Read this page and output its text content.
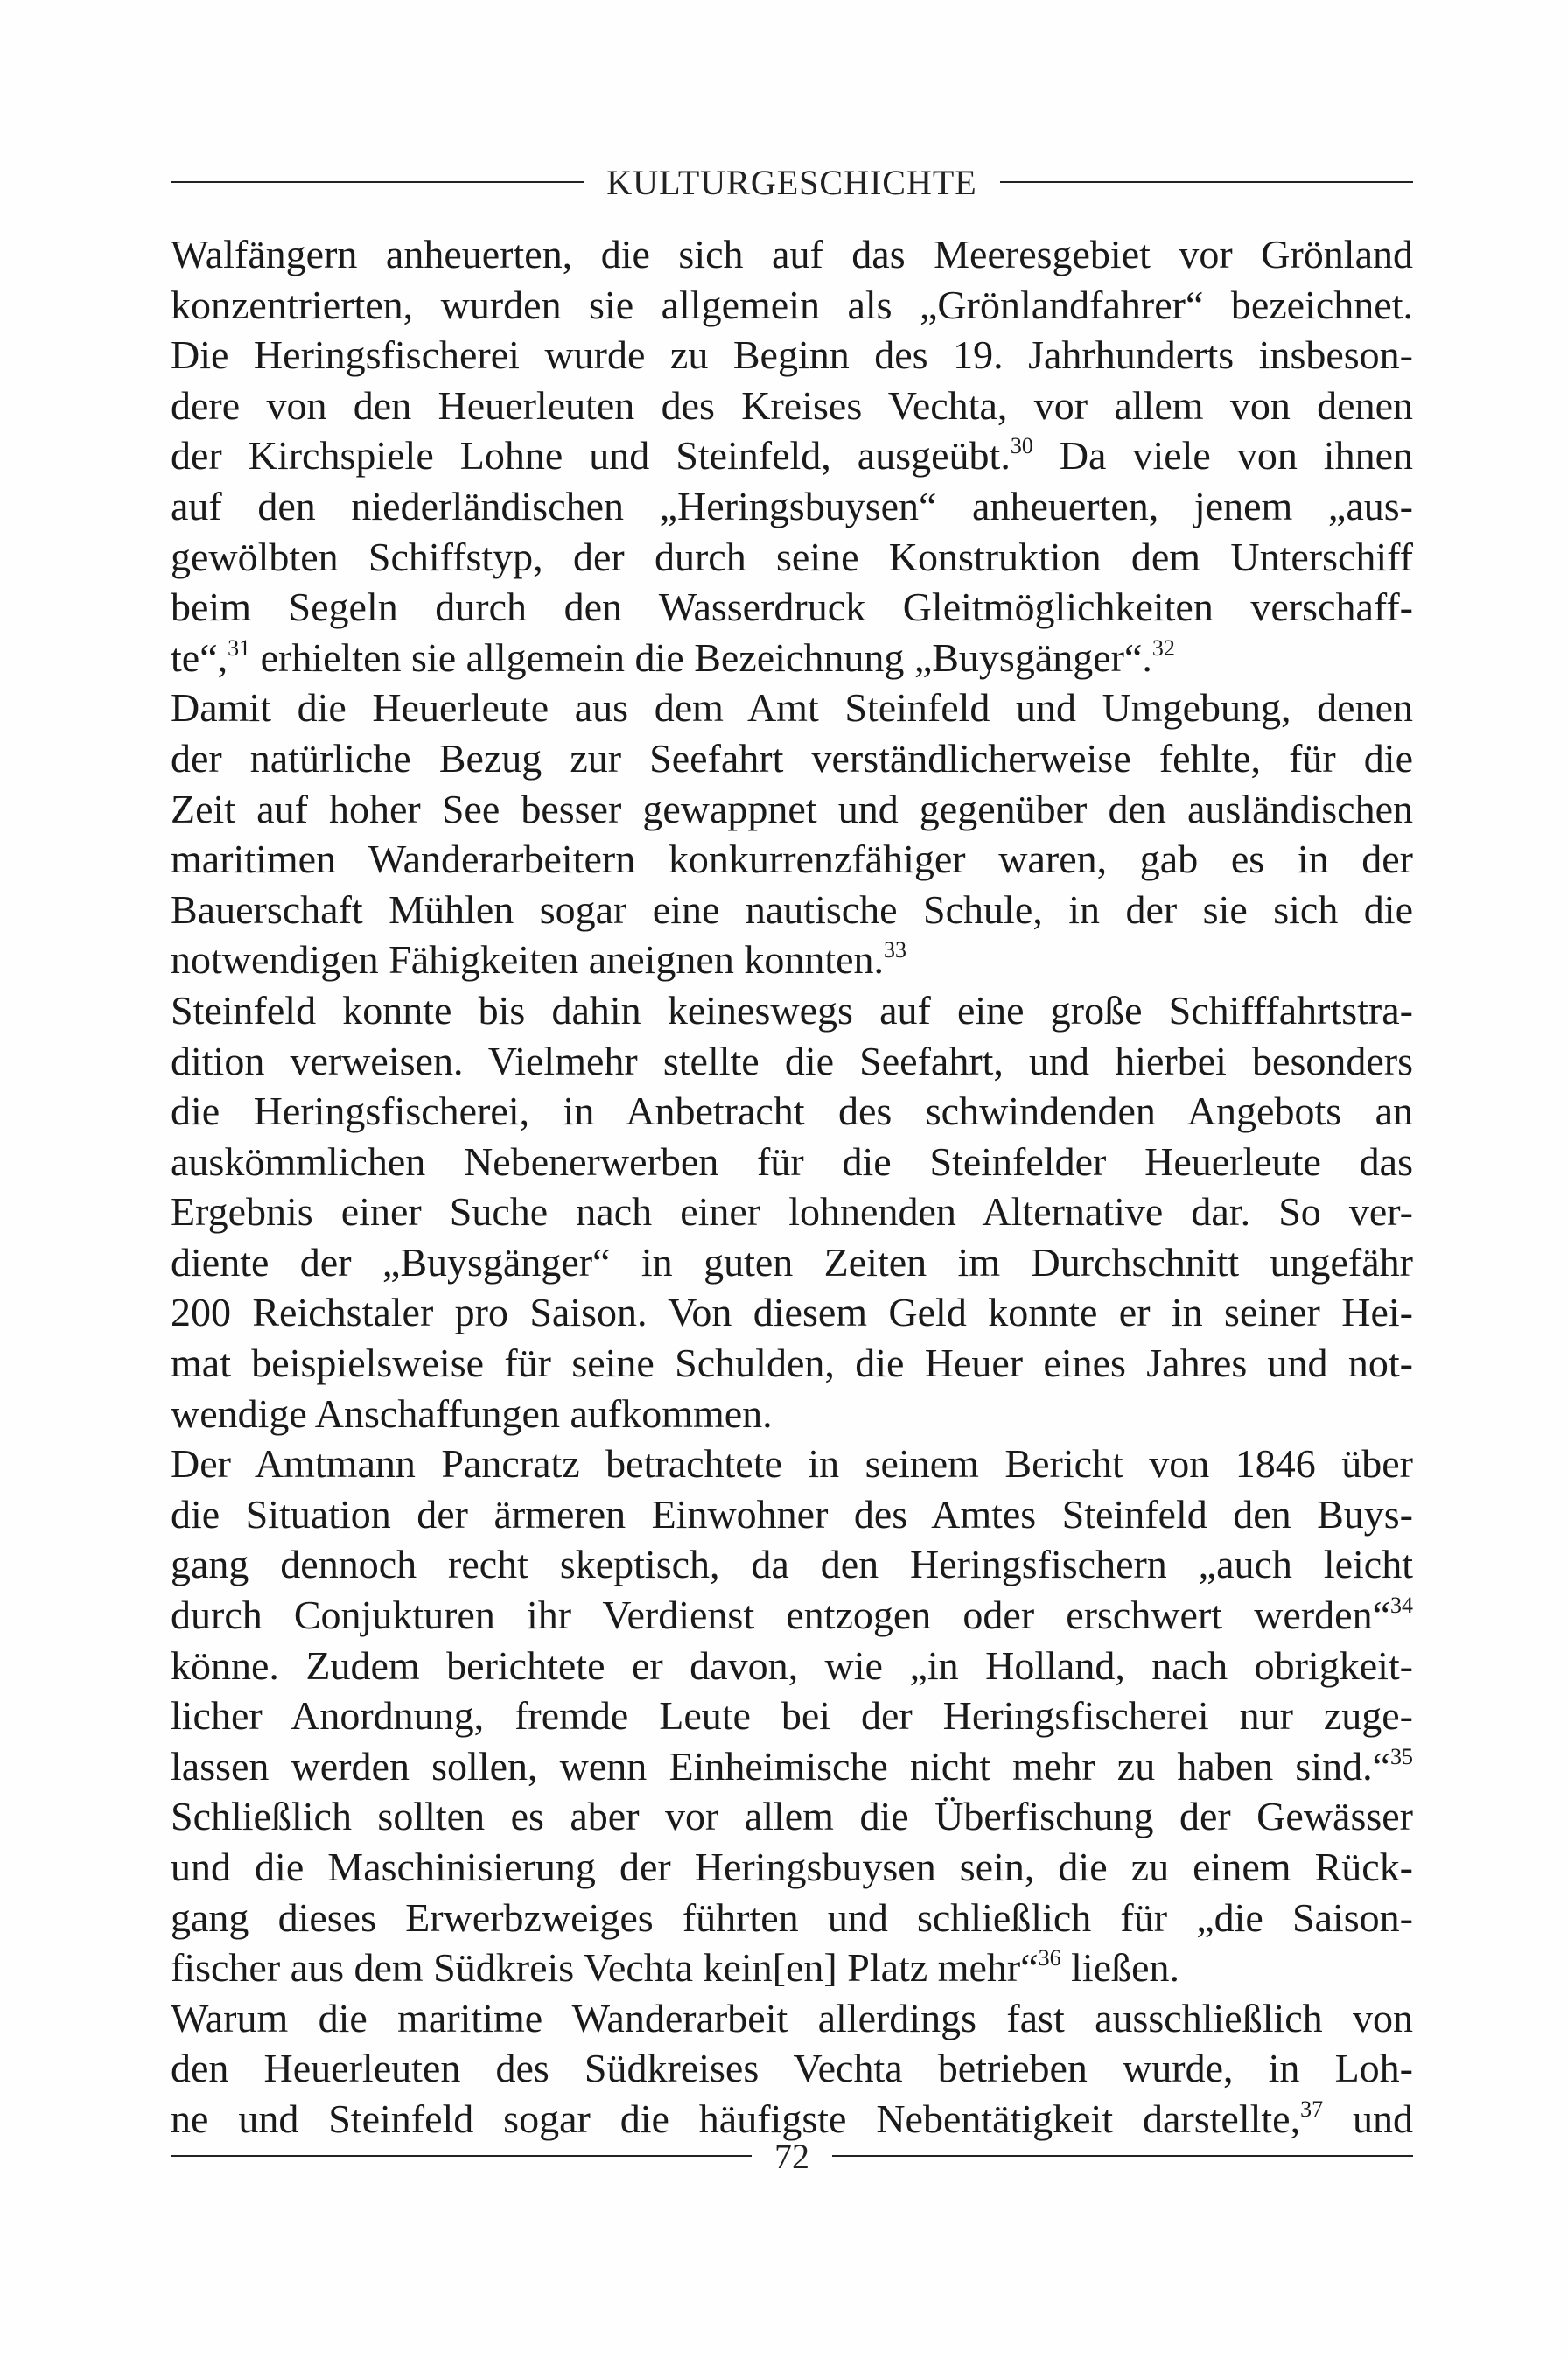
KULTURGESCHICHTE
Walfängern anheuerten, die sich auf das Meeresgebiet vor Grönland
konzentrierten, wurden sie allgemein als „Grönlandfahrer“ bezeichnet.
Die Heringsfischerei wurde zu Beginn des 19. Jahrhunderts insbeson-
dere von den Heuerleuten des Kreises Vechta, vor allem von denen
der Kirchspiele Lohne und Steinfeld, ausgeübt.$^{30}$ Da viele von ihnen
auf den niederländischen „Heringsbuysen“ anheuerten, jenem „aus-
gewölbten Schiffstyp, der durch seine Konstruktion dem Unterschiff
beim Segeln durch den Wasserdruck Gleitmöglichkeiten verschaff-
te“,$^{31}$ erhielten sie allgemein die Bezeichnung „Buysgänger“.$^{32}$
Damit die Heuerleute aus dem Amt Steinfeld und Umgebung, denen
der natürliche Bezug zur Seefahrt verständlicherweise fehlte, für die
Zeit auf hoher See besser gewappnet und gegenüber den ausländischen
maritimen Wanderarbeitern konkurrenzfähiger waren, gab es in der
Bauerschaft Mühlen sogar eine nautische Schule, in der sie sich die
notwendigen Fähigkeiten aneignen konnten.$^{33}$
Steinfeld konnte bis dahin keineswegs auf eine große Schifffahrtstra-
dition verweisen. Vielmehr stellte die Seefahrt, und hierbei besonders
die Heringsfischerei, in Anbetracht des schwindenden Angebots an
auskömmlichen Nebenerwerben für die Steinfelder Heuerleute das
Ergebnis einer Suche nach einer lohnenden Alternative dar. So ver-
diente der „Buysgänger“ in guten Zeiten im Durchschnitt ungefähr
200 Reichstaler pro Saison. Von diesem Geld konnte er in seiner Hei-
mat beispielsweise für seine Schulden, die Heuer eines Jahres und not-
wendige Anschaffungen aufkommen.
Der Amtmann Pancratz betrachtete in seinem Bericht von 1846 über
die Situation der ärmeren Einwohner des Amtes Steinfeld den Buys-
gang dennoch recht skeptisch, da den Heringsfischern „auch leicht
durch Conjukturen ihr Verdienst entzogen oder erschwert werden“$^{34}$
könne. Zudem berichtete er davon, wie „in Holland, nach obrigkeit-
licher Anordnung, fremde Leute bei der Heringsfischerei nur zuge-
lassen werden sollen, wenn Einheimische nicht mehr zu haben sind.“$^{35}$
Schließlich sollten es aber vor allem die Überfischung der Gewässer
und die Maschinisierung der Heringsbuysen sein, die zu einem Rück-
gang dieses Erwerbzweiges führten und schließlich für „die Saison-
fischer aus dem Südkreis Vechta kein[en] Platz mehr“$^{36}$ ließen.
Warum die maritime Wanderarbeit allerdings fast ausschließlich von
den Heuerleuten des Südkreises Vechta betrieben wurde, in Loh-
ne und Steinfeld sogar die häufigste Nebentätigkeit darstellte,$^{37}$ und
72
